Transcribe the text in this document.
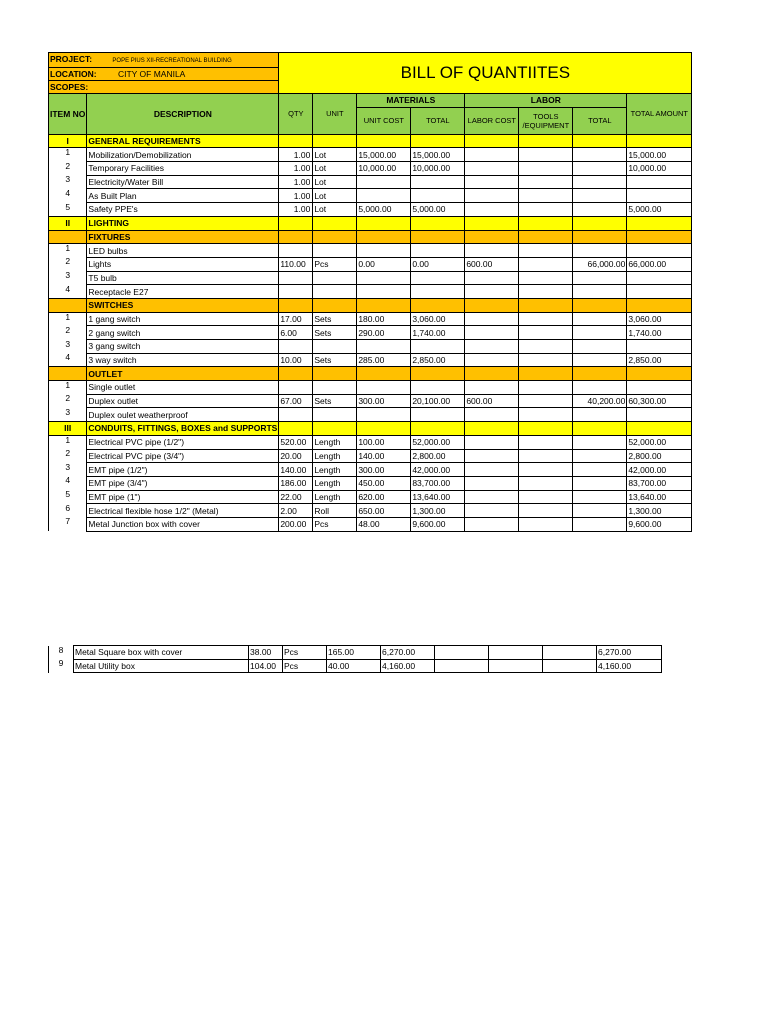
PROJECT: POPE PIUS XII-RECREATIONAL BUILDING		BILL OF QUANTIITES							
LOCATION: CITY OF MANILA									
SCOPES:									
ITEM NO	DESCRIPTION	QTY	UNIT	MATERIALS		LABOR			TOTAL AMOUNT
				UNIT COST	TOTAL	LABOR COST	TOOLS /EQUIPMENT	TOTAL	
I	GENERAL REQUIREMENTS								
1	Mobilization/Demobilization	1.00	Lot	15,000.00	15,000.00				15,000.00
2	Temporary Facilities	1.00	Lot	10,000.00	10,000.00				10,000.00
3	Electricity/Water Bill	1.00	Lot						
4	As Built Plan	1.00	Lot						
5	Safety PPE's	1.00	Lot	5,000.00	5,000.00				5,000.00
II	LIGHTING								
	FIXTURES								
1	LED bulbs								
2	Lights	110.00	Pcs	0.00	0.00	600.00		66,000.00	66,000.00
3	T5 bulb								
4	Receptacle E27								
	SWITCHES								
1	1 gang switch	17.00	Sets	180.00	3,060.00				3,060.00
2	2 gang switch	6.00	Sets	290.00	1,740.00				1,740.00
3	3 gang switch								
4	3 way switch	10.00	Sets	285.00	2,850.00				2,850.00
	OUTLET								
1	Single outlet								
2	Duplex outlet	67.00	Sets	300.00	20,100.00	600.00		40,200.00	60,300.00
3	Duplex oulet weatherproof								
III	CONDUITS, FITTINGS, BOXES and SUPPORTS								
1	Electrical PVC pipe (1/2")	520.00	Length	100.00	52,000.00				52,000.00
2	Electrical PVC pipe (3/4")	20.00	Length	140.00	2,800.00				2,800.00
3	EMT pipe (1/2")	140.00	Length	300.00	42,000.00				42,000.00
4	EMT pipe (3/4")	186.00	Length	450.00	83,700.00				83,700.00
5	EMT pipe (1")	22.00	Length	620.00	13,640.00				13,640.00
6	Electrical flexible hose 1/2" (Metal)	2.00	Roll	650.00	1,300.00				1,300.00
7	Metal Junction box with cover	200.00	Pcs	48.00	9,600.00				9,600.00
8	Metal Square box with cover	38.00	Pcs	165.00	6,270.00				6,270.00
9	Metal Utility box	104.00	Pcs	40.00	4,160.00				4,160.00
